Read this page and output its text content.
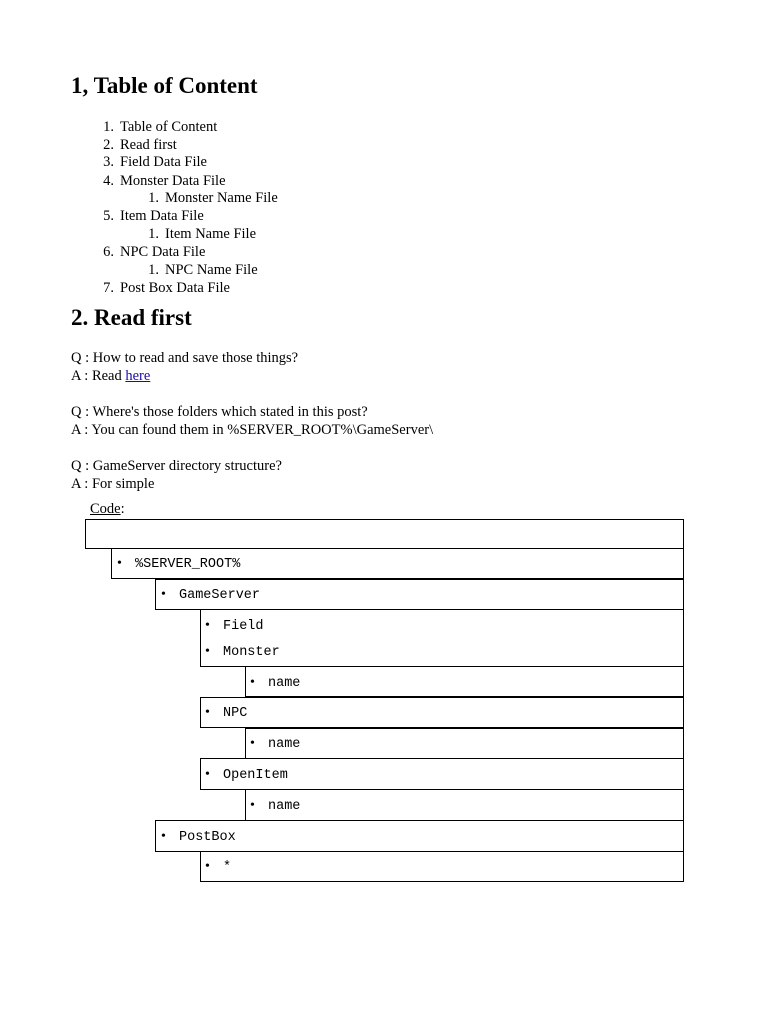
1, Table of Content
1. Table of Content
2. Read first
3. Field Data File
4. Monster Data File
1. Monster Name File
5. Item Data File
1. Item Name File
6. NPC Data File
1. NPC Name File
7. Post Box Data File
2. Read first
Q : How to read and save those things?
A : Read here
Q : Where's those folders which stated in this post?
A : You can found them in %SERVER_ROOT%\GameServer\
Q : GameServer directory structure?
A : For simple
Code:
• %SERVER_ROOT%
• GameServer
• Field
• Monster
• name
• NPC
• name
• OpenItem
• name
• PostBox
• *
